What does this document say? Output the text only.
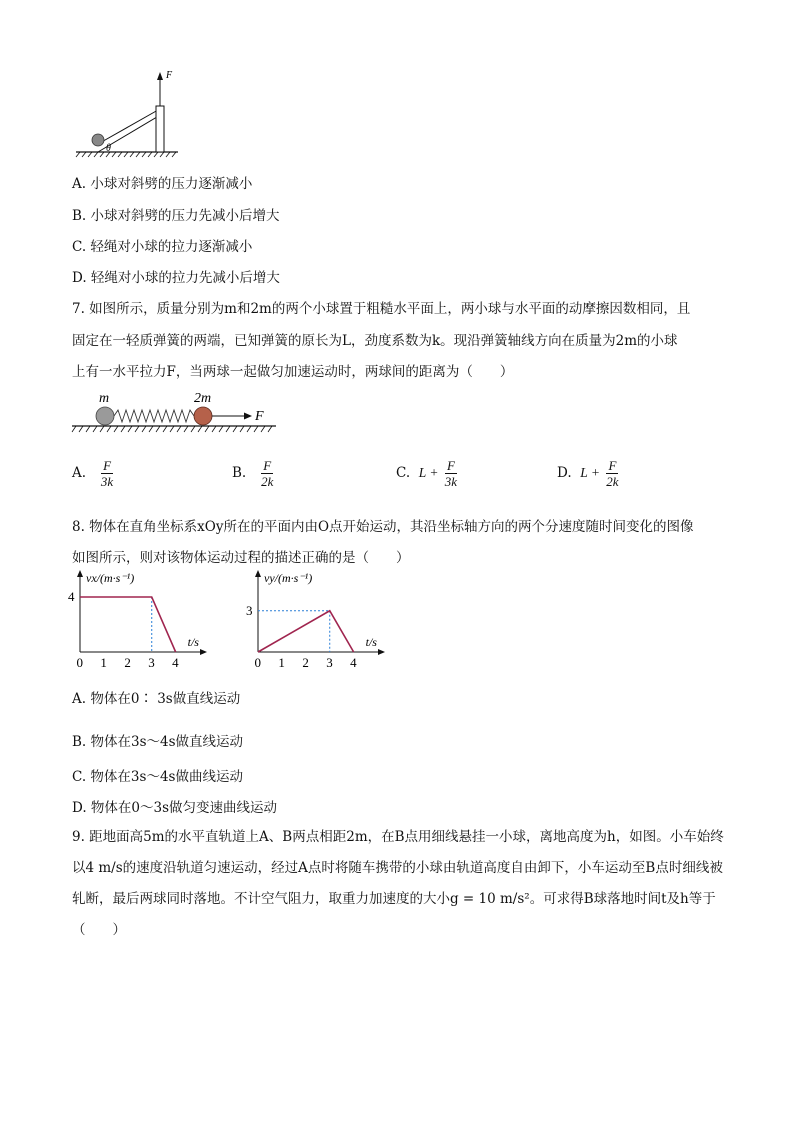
F
θ
A. 小球对斜劈的压力逐渐减小
B. 小球对斜劈的压力先减小后增大
C. 轻绳对小球的拉力逐渐减小
D. 轻绳对小球的拉力先减小后增大
7. 如图所示，质量分别为m和2m的两个小球置于粗糙水平面上，两小球与水平面的动摩擦因数相同，且
固定在一轻质弹簧的两端，已知弹簧的原长为L，劲度系数为k。现沿弹簧轴线方向在质量为2m的小球
上有一水平拉力F，当两球一起做匀加速运动时，两球间的距离为（　　）
m	2m
F
A. $\frac{F}{3k}$	B. $\frac{F}{2k}$	C. $L + \frac{F}{3k}$	D. $L + \frac{F}{2k}$
8. 物体在直角坐标系xOy所在的平面内由O点开始运动，其沿坐标轴方向的两个分速度随时间变化的图像
如图所示，则对该物体运动过程的描述正确的是（　　）
vx/(m·s⁻¹)
t/s
0 1 2 3 4
4
vy/(m·s⁻¹)
t/s
0 1 2 3 4
3
A. 物体在0∶ 3s做直线运动
B. 物体在3s～4s做直线运动
C. 物体在3s～4s做曲线运动
D. 物体在0～3s做匀变速曲线运动
9. 距地面高5m的水平直轨道上A、B两点相距2m，在B点用细线悬挂一小球，离地高度为h，如图。小车始终以4 m/s的速度沿轨道匀速运动，经过A点时将随车携带的小球由轨道高度自由卸下，小车运动至B点时细线被轧断，最后两球同时落地。不计空气阻力，取重力加速度的大小g = 10 m/s²。可求得B球落地时间t及h等于（　　）
